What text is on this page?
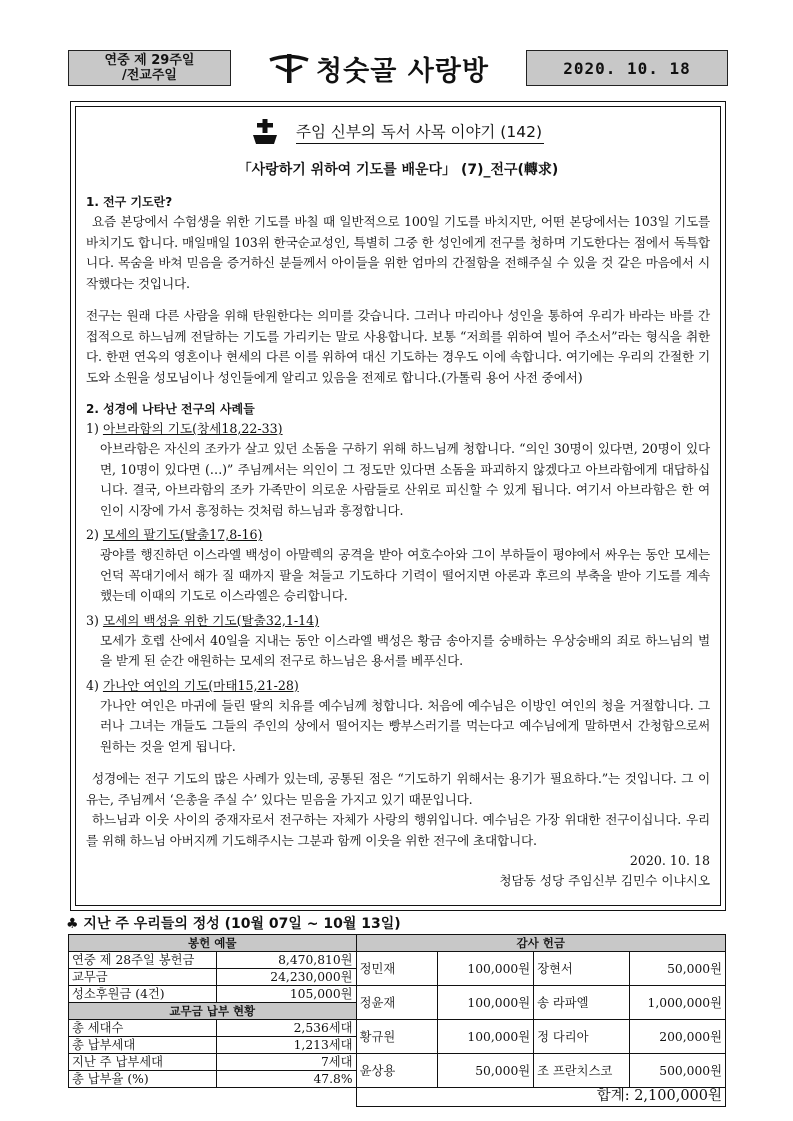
연중 제 29주일
/전교주일	청숫골 사랑방	2020. 10. 18
주임 신부의 독서 사목 이야기 (142)
「사랑하기 위하여 기도를 배운다」 (7)_전구(轉求)
1. 전구 기도란?
요즘 본당에서 수험생을 위한 기도를 바칠 때 일반적으로 100일 기도를 바치지만, 어떤 본당에서는 103일 기도를 바치기도 합니다. 매일매일 103위 한국순교성인, 특별히 그중 한 성인에게 전구를 청하며 기도한다는 점에서 독특합니다. 목숨을 바쳐 믿음을 증거하신 분들께서 아이들을 위한 엄마의 간절함을 전해주실 수 있을 것 같은 마음에서 시작했다는 것입니다.
전구는 원래 다른 사람을 위해 탄원한다는 의미를 갖습니다. 그러나 마리아나 성인을 통하여 우리가 바라는 바를 간접적으로 하느님께 전달하는 기도를 가리키는 말로 사용합니다. 보통 “저희를 위하여 빌어 주소서”라는 형식을 취한다. 한편 연옥의 영혼이나 현세의 다른 이를 위하여 대신 기도하는 경우도 이에 속합니다. 여기에는 우리의 간절한 기도와 소원을 성모님이나 성인들에게 알리고 있음을 전제로 합니다.(가톨릭 용어 사전 중에서)
2. 성경에 나타난 전구의 사례들
1) 아브라함의 기도(창세18,22-33)
아브라함은 자신의 조카가 살고 있던 소돔을 구하기 위해 하느님께 청합니다. “의인 30명이 있다면, 20명이 있다면, 10명이 있다면 (…)” 주님께서는 의인이 그 정도만 있다면 소돔을 파괴하지 않겠다고 아브라함에게 대답하십니다. 결국, 아브라함의 조카 가족만이 의로운 사람들로 산위로 피신할 수 있게 됩니다. 여기서 아브라함은 한 여인이 시장에 가서 흥정하는 것처럼 하느님과 흥정합니다.
2) 모세의 팔기도(탈출17,8-16)
광야를 행진하던 이스라엘 백성이 아말렉의 공격을 받아 여호수아와 그이 부하들이 평야에서 싸우는 동안 모세는 언덕 꼭대기에서 해가 질 때까지 팔을 쳐들고 기도하다 기력이 떨어지면 아론과 후르의 부축을 받아 기도를 계속했는데 이때의 기도로 이스라엘은 승리합니다.
3) 모세의 백성을 위한 기도(탈출32,1-14)
모세가 호렙 산에서 40일을 지내는 동안 이스라엘 백성은 황금 송아지를 숭배하는 우상숭배의 죄로 하느님의 벌을 받게 된 순간 애원하는 모세의 전구로 하느님은 용서를 베푸신다.
4) 가나안 여인의 기도(마태15,21-28)
가나안 여인은 마귀에 들린 딸의 치유를 예수님께 청합니다. 처음에 예수님은 이방인 여인의 청을 거절합니다. 그러나 그녀는 개들도 그들의 주인의 상에서 떨어지는 빵부스러기를 먹는다고 예수님에게 말하면서 간청함으로써 원하는 것을 얻게 됩니다.
성경에는 전구 기도의 많은 사례가 있는데, 공통된 점은 “기도하기 위해서는 용기가 필요하다.”는 것입니다. 그 이유는, 주님께서 ‘은총을 주실 수’ 있다는 믿음을 가지고 있기 때문입니다.
하느님과 이웃 사이의 중재자로서 전구하는 자체가 사랑의 행위입니다. 예수님은 가장 위대한 전구이십니다. 우리를 위해 하느님 아버지께 기도해주시는 그분과 함께 이웃을 위한 전구에 초대합니다.
2020. 10. 18
청담동 성당 주임신부 김민수 이냐시오
♣ 지난 주 우리들의 정성 (10월 07일 ~ 10월 13일)
봉헌 예물		감사 헌금			
연중 제 28주일 봉헌금	8,470,810원	정민재	100,000원	장현서	50,000원
교무금	24,230,000원				
성소후원금 (4건)	105,000원	정윤재	100,000원	송 라파엘	1,000,000원
교무금 납부 현황					
총 세대수	2,536세대	황규원	100,000원	정 다리아	200,000원
총 납부세대	1,213세대				
지난 주 납부세대	7세대	윤상용	50,000원	조 프란치스코	500,000원
총 납부율 (%)	47.8%				
		합계: 2,100,000원			
